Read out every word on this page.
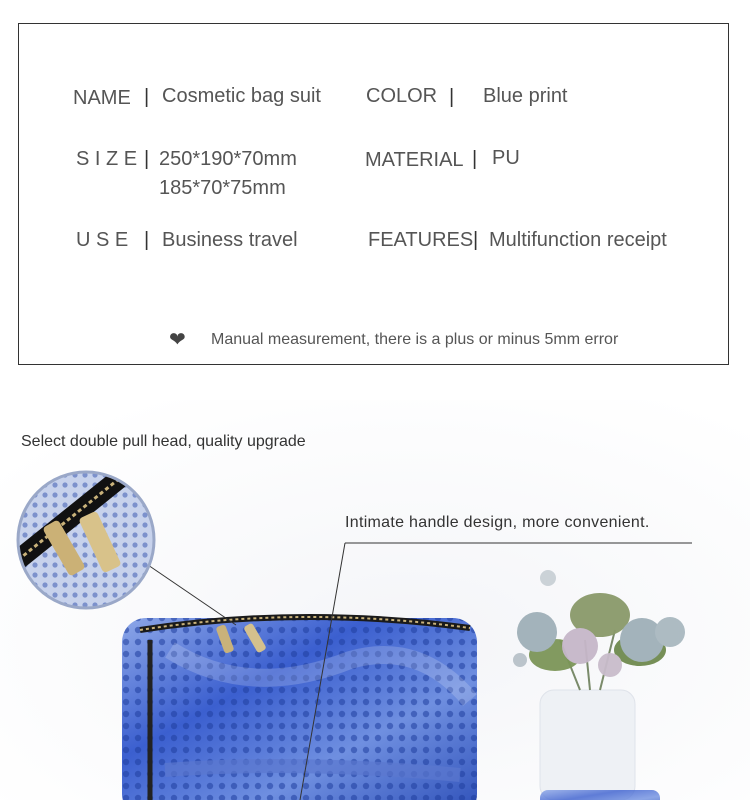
NAME | Cosmetic bag suit COLOR | Blue print
S I Z E | 250*190*70mm
185*70*75mm
MATERIAL | PU
U S E | Business travel	FEATURES | Multifunction receipt
❤ Manual measurement, there is a plus or minus 5mm error
Select double pull head, quality upgrade
Intimate handle design, more convenient.
